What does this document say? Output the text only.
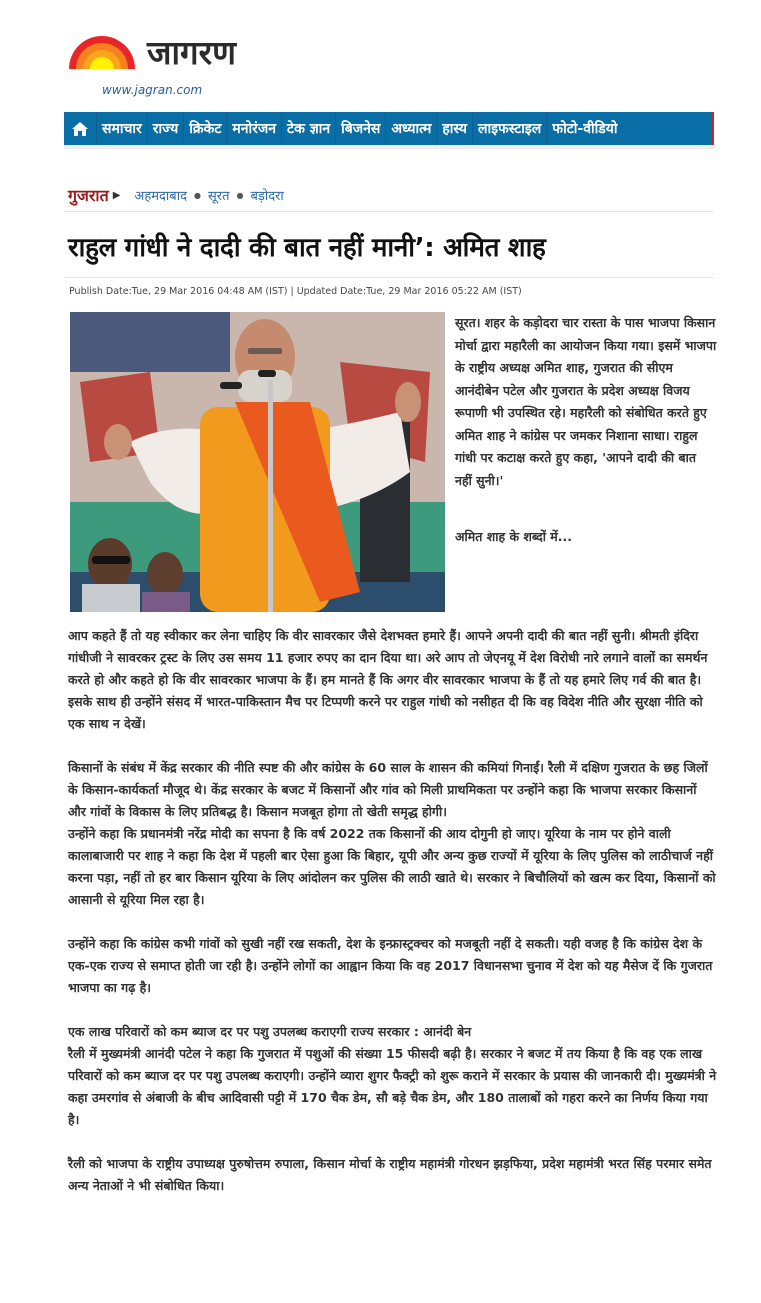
जागरण
www.jagran.com
समाचार राज्य क्रिकेट मनोरंजन टेक ज्ञान बिजनेस अध्यात्म हास्य लाइफस्टाइल फोटो-वीडियो
गुजरात ▶ अहमदाबाद ● सूरत ● बड़ोदरा
राहुल गांधी ने दादी की बात नहीं मानी’: अमित शाह
Publish Date:Tue, 29 Mar 2016 04:48 AM (IST) | Updated Date:Tue, 29 Mar 2016 05:22 AM (IST)

सूरत। शहर के कड़ोदरा चार रास्ता के पास भाजपा किसान मोर्चा द्वारा महारैली का आयोजन किया गया। इसमें भाजपा के राष्ट्रीय अध्यक्ष अमित शाह, गुजरात की सीएम आनंदीबेन पटेल और गुजरात के प्रदेश अध्यक्ष विजय रूपाणी भी उपस्थित रहे। महारैली को संबोधित करते हुए अमित शाह ने कांग्रेस पर जमकर निशाना साधा। राहुल गांधी पर कटाक्ष करते हुए कहा, 'आपने दादी की बात नहीं सुनी।'

अमित शाह के शब्दों में...

आप कहते हैं तो यह स्वीकार कर लेना चाहिए कि वीर सावरकार जैसे देशभक्त हमारे हैं। आपने अपनी दादी की बात नहीं सुनी। श्रीमती इंदिरा गांधीजी ने सावरकर ट्रस्ट के लिए उस समय 11 हजार रुपए का दान दिया था। अरे आप तो जेएनयू में देश विरोधी नारे लगाने वालों का समर्थन करते हो और कहते हो कि वीर सावरकार भाजपा के हैं। हम मानते हैं कि अगर वीर सावरकार भाजपा के हैं तो यह हमारे लिए गर्व की बात है। इसके साथ ही उन्होंने संसद में भारत-पाकिस्तान मैच पर टिप्पणी करने पर राहुल गांधी को नसीहत दी कि वह विदेश नीति और सुरक्षा नीति को एक साथ न देखें।

किसानों के संबंध में केंद्र सरकार की नीति स्पष्ट की और कांग्रेस के 60 साल के शासन की कमियां गिनाईं। रैली में दक्षिण गुजरात के छह जिलों के किसान-कार्यकर्ता मौजूद थे। केंद्र सरकार के बजट में किसानों और गांव को मिली प्राथमिकता पर उन्होंने कहा कि भाजपा सरकार किसानों और गांवों के विकास के लिए प्रतिबद्ध है। किसान मजबूत होगा तो खेती समृद्ध होगी।

उन्होंने कहा कि प्रधानमंत्री नरेंद्र मोदी का सपना है कि वर्ष 2022 तक किसानों की आय दोगुनी हो जाए। यूरिया के नाम पर होने वाली कालाबाजारी पर शाह ने कहा कि देश में पहली बार ऐसा हुआ कि बिहार, यूपी और अन्य कुछ राज्यों में यूरिया के लिए पुलिस को लाठीचार्ज नहीं करना पड़ा, नहीं तो हर बार किसान यूरिया के लिए आंदोलन कर पुलिस की लाठी खाते थे। सरकार ने बिचौलियों को खत्म कर दिया, किसानों को आसानी से यूरिया मिल रहा है।

उन्होंने कहा कि कांग्रेस कभी गांवों को सुखी नहीं रख सकती, देश के इन्फ्रास्ट्रक्चर को मजबूती नहीं दे सकती। यही वजह है कि कांग्रेस देश के एक-एक राज्य से समाप्त होती जा रही है। उन्होंने लोगों का आह्वान किया कि वह 2017 विधानसभा चुनाव में देश को यह मैसेज दें कि गुजरात भाजपा का गढ़ है।

एक लाख परिवारों को कम ब्याज दर पर पशु उपलब्ध कराएगी राज्य सरकार : आनंदी बेन

रैली में मुख्यमंत्री आनंदी पटेल ने कहा कि गुजरात में पशुओं की संख्या 15 फीसदी बढ़ी है। सरकार ने बजट में तय किया है कि वह एक लाख परिवारों को कम ब्याज दर पर पशु उपलब्ध कराएगी। उन्होंने व्यारा शुगर फैक्ट्री को शुरू कराने में सरकार के प्रयास की जानकारी दी। मुख्यमंत्री ने कहा उमरगांव से अंबाजी के बीच आदिवासी पट्टी में 170 चैक डेम, सौ बड़े चैक डेम, और 180 तालाबों को गहरा करने का निर्णय किया गया है।

रैली को भाजपा के राष्ट्रीय उपाध्यक्ष पुरुषोत्तम रुपाला, किसान मोर्चा के राष्ट्रीय महामंत्री गोरधन झड़फिया, प्रदेश महामंत्री भरत सिंह परमार समेत अन्य नेताओं ने भी संबोधित किया।
